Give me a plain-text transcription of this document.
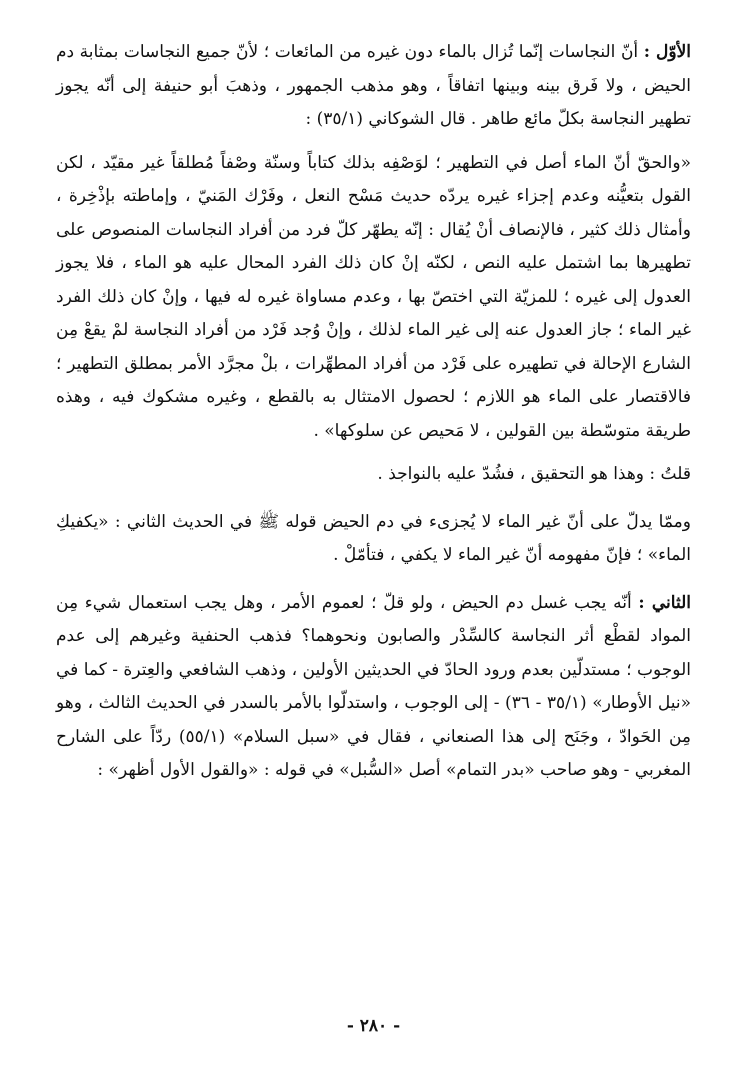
الأوّل : أنّ النجاسات إنّما تُزال بالماء دون غيره من المائعات ؛ لأنّ جميع النجاسات بمثابة دم الحيض ، ولا فَرق بينه وبينها اتفاقاً ، وهو مذهب الجمهور ، وذهبَ أبو حنيفة إلى أنّه يجوز تطهير النجاسة بكلّ مائع طاهر . قال الشوكاني (٣٥/١) :

«والحقّ أنّ الماء أصل في التطهير ؛ لوَصْفِه بذلك كتاباً وسنّة وصْفاً مُطلقاً غير مقيّد ، لكن القول بتعيُّنه وعدم إجزاء غيره يردّه حديث مَسْح النعل ، وفَرْك المَنيّ ، وإماطته بإذْخِرة ، وأمثال ذلك كثير ، فالإنصاف أنْ يُقال : إنّه يطهّر كلّ فرد من أفراد النجاسات المنصوص على تطهيرها بما اشتمل عليه النص ، لكنّه إنْ كان ذلك الفرد المحال عليه هو الماء ، فلا يجوز العدول إلى غيره ؛ للمزيّة التي اختصّ بها ، وعدم مساواة غيره له فيها ، وإنْ كان ذلك الفرد غير الماء ؛ جاز العدول عنه إلى غير الماء لذلك ، وإنْ وُجد فَرْد من أفراد النجاسة لمْ يقعْ مِن الشارع الإحالة في تطهيره على فَرْد من أفراد المطهِّرات ، بلْ مجرَّد الأمر بمطلق التطهير ؛ فالاقتصار على الماء هو اللازم ؛ لحصول الامتثال به بالقطع ، وغيره مشكوك فيه ، وهذه طريقة متوسّطة بين القولين ، لا مَحيص عن سلوكها» .

قلتُ : وهذا هو التحقيق ، فشُدّ عليه بالنواجذ .

وممّا يدلّ على أنّ غير الماء لا يُجزىء في دم الحيض قوله ﷺ في الحديث الثاني : «يكفيكِ الماء» ؛ فإنّ مفهومه أنّ غير الماء لا يكفي ، فتأمّلْ .

الثاني : أنّه يجب غسل دم الحيض ، ولو قلّ ؛ لعموم الأمر ، وهل يجب استعمال شيء مِن المواد لقطْع أثر النجاسة كالسِّدْر والصابون ونحوهما؟ فذهب الحنفية وغيرهم إلى عدم الوجوب ؛ مستدلّين بعدم ورود الحادّ في الحديثين الأولين ، وذهب الشافعي والعِترة - كما في «نيل الأوطار» (٣٥/١ - ٣٦) - إلى الوجوب ، واستدلّوا بالأمر بالسدر في الحديث الثالث ، وهو مِن الحَوادّ ، وجَنَح إلى هذا الصنعاني ، فقال في «سبل السلام» (٥٥/١) ردّاً على الشارح المغربي - وهو صاحب «بدر التمام» أصل «السُّبل» في قوله : «والقول الأول أظهر» :

- ٢٨٠ -
